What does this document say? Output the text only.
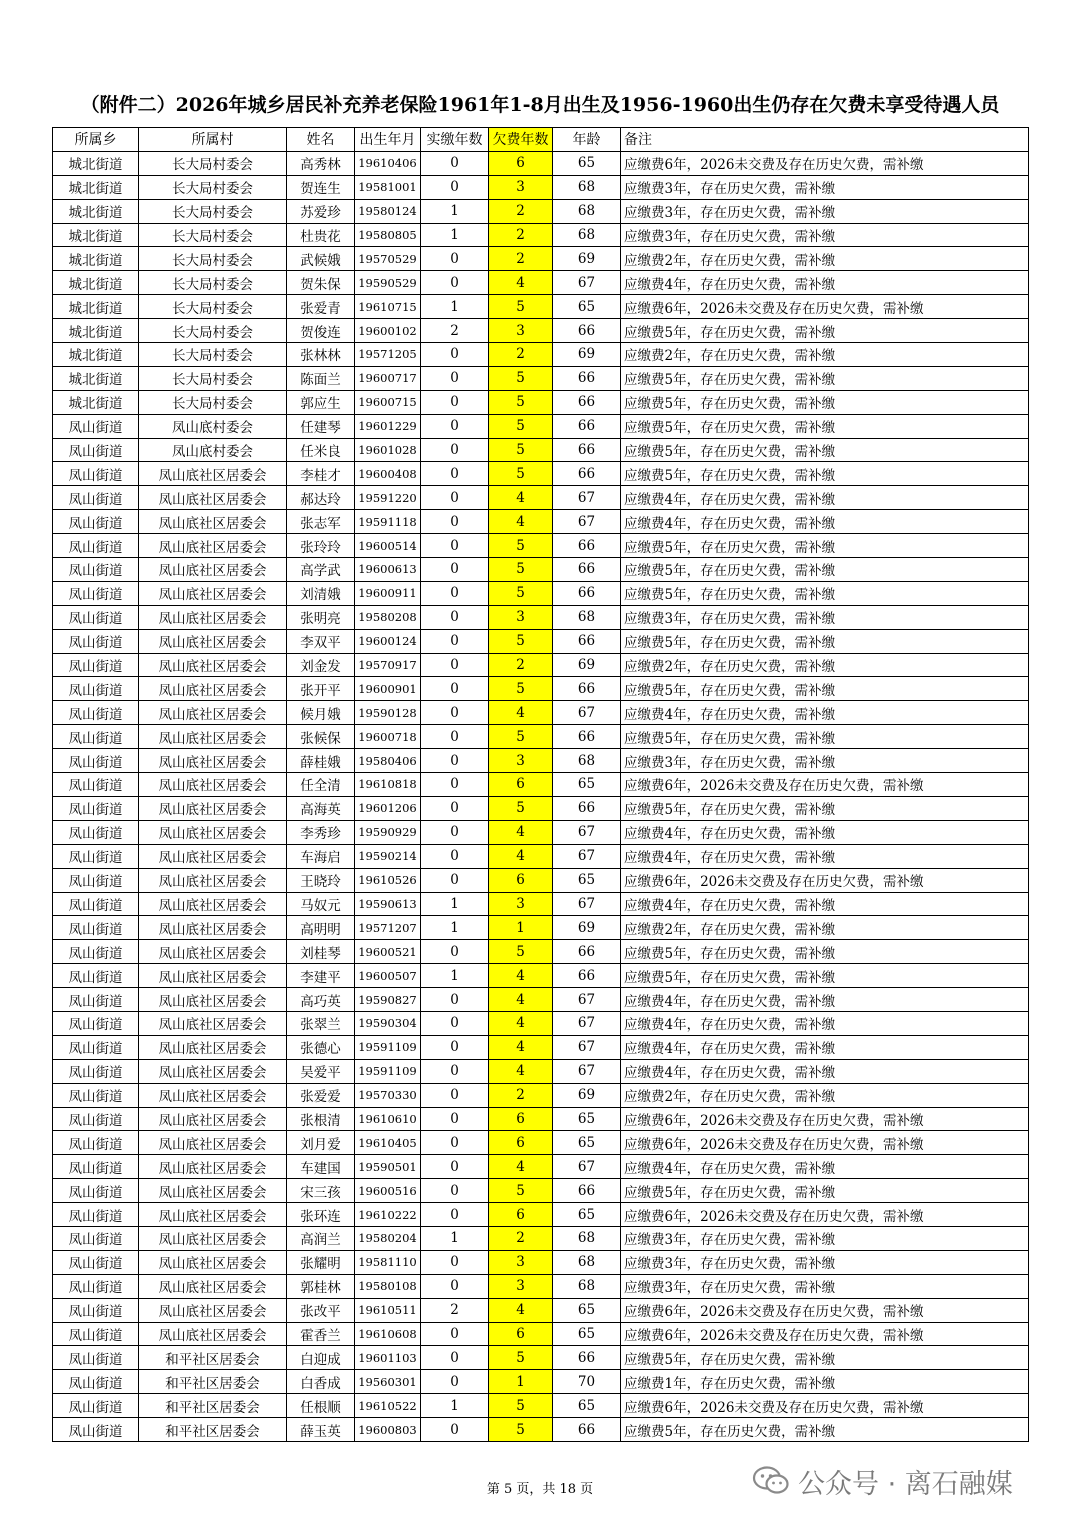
（附件二）2026年城乡居民补充养老保险1961年1-8月出生及1956-1960出生仍存在欠费未享受待遇人员
所属乡	所属村	姓名	出生年月	实缴年数	欠费年数	年龄	备注
城北街道	长大局村委会	高秀林	19610406	0	6	65	应缴费6年，2026未交费及存在历史欠费，需补缴
城北街道	长大局村委会	贺连生	19581001	0	3	68	应缴费3年，存在历史欠费，需补缴
城北街道	长大局村委会	苏爱珍	19580124	1	2	68	应缴费3年，存在历史欠费，需补缴
城北街道	长大局村委会	杜贵花	19580805	1	2	68	应缴费3年，存在历史欠费，需补缴
城北街道	长大局村委会	武候娥	19570529	0	2	69	应缴费2年，存在历史欠费，需补缴
城北街道	长大局村委会	贺朱保	19590529	0	4	67	应缴费4年，存在历史欠费，需补缴
城北街道	长大局村委会	张爱青	19610715	1	5	65	应缴费6年，2026未交费及存在历史欠费，需补缴
城北街道	长大局村委会	贺俊连	19600102	2	3	66	应缴费5年，存在历史欠费，需补缴
城北街道	长大局村委会	张林林	19571205	0	2	69	应缴费2年，存在历史欠费，需补缴
城北街道	长大局村委会	陈面兰	19600717	0	5	66	应缴费5年，存在历史欠费，需补缴
城北街道	长大局村委会	郭应生	19600715	0	5	66	应缴费5年，存在历史欠费，需补缴
凤山街道	凤山底村委会	任建琴	19601229	0	5	66	应缴费5年，存在历史欠费，需补缴
凤山街道	凤山底村委会	任米良	19601028	0	5	66	应缴费5年，存在历史欠费，需补缴
凤山街道	凤山底社区居委会	李桂才	19600408	0	5	66	应缴费5年，存在历史欠费，需补缴
凤山街道	凤山底社区居委会	郝达玲	19591220	0	4	67	应缴费4年，存在历史欠费，需补缴
凤山街道	凤山底社区居委会	张志军	19591118	0	4	67	应缴费4年，存在历史欠费，需补缴
凤山街道	凤山底社区居委会	张玲玲	19600514	0	5	66	应缴费5年，存在历史欠费，需补缴
凤山街道	凤山底社区居委会	高学武	19600613	0	5	66	应缴费5年，存在历史欠费，需补缴
凤山街道	凤山底社区居委会	刘清娥	19600911	0	5	66	应缴费5年，存在历史欠费，需补缴
凤山街道	凤山底社区居委会	张明亮	19580208	0	3	68	应缴费3年，存在历史欠费，需补缴
凤山街道	凤山底社区居委会	李双平	19600124	0	5	66	应缴费5年，存在历史欠费，需补缴
凤山街道	凤山底社区居委会	刘金发	19570917	0	2	69	应缴费2年，存在历史欠费，需补缴
凤山街道	凤山底社区居委会	张开平	19600901	0	5	66	应缴费5年，存在历史欠费，需补缴
凤山街道	凤山底社区居委会	候月娥	19590128	0	4	67	应缴费4年，存在历史欠费，需补缴
凤山街道	凤山底社区居委会	张候保	19600718	0	5	66	应缴费5年，存在历史欠费，需补缴
凤山街道	凤山底社区居委会	薛桂娥	19580406	0	3	68	应缴费3年，存在历史欠费，需补缴
凤山街道	凤山底社区居委会	任全清	19610818	0	6	65	应缴费6年，2026未交费及存在历史欠费，需补缴
凤山街道	凤山底社区居委会	高海英	19601206	0	5	66	应缴费5年，存在历史欠费，需补缴
凤山街道	凤山底社区居委会	李秀珍	19590929	0	4	67	应缴费4年，存在历史欠费，需补缴
凤山街道	凤山底社区居委会	车海启	19590214	0	4	67	应缴费4年，存在历史欠费，需补缴
凤山街道	凤山底社区居委会	王晓玲	19610526	0	6	65	应缴费6年，2026未交费及存在历史欠费，需补缴
凤山街道	凤山底社区居委会	马奴元	19590613	1	3	67	应缴费4年，存在历史欠费，需补缴
凤山街道	凤山底社区居委会	高明明	19571207	1	1	69	应缴费2年，存在历史欠费，需补缴
凤山街道	凤山底社区居委会	刘桂琴	19600521	0	5	66	应缴费5年，存在历史欠费，需补缴
凤山街道	凤山底社区居委会	李建平	19600507	1	4	66	应缴费5年，存在历史欠费，需补缴
凤山街道	凤山底社区居委会	高巧英	19590827	0	4	67	应缴费4年，存在历史欠费，需补缴
凤山街道	凤山底社区居委会	张翠兰	19590304	0	4	67	应缴费4年，存在历史欠费，需补缴
凤山街道	凤山底社区居委会	张德心	19591109	0	4	67	应缴费4年，存在历史欠费，需补缴
凤山街道	凤山底社区居委会	吴爱平	19591109	0	4	67	应缴费4年，存在历史欠费，需补缴
凤山街道	凤山底社区居委会	张爱爱	19570330	0	2	69	应缴费2年，存在历史欠费，需补缴
凤山街道	凤山底社区居委会	张根清	19610610	0	6	65	应缴费6年，2026未交费及存在历史欠费，需补缴
凤山街道	凤山底社区居委会	刘月爱	19610405	0	6	65	应缴费6年，2026未交费及存在历史欠费，需补缴
凤山街道	凤山底社区居委会	车建国	19590501	0	4	67	应缴费4年，存在历史欠费，需补缴
凤山街道	凤山底社区居委会	宋三孩	19600516	0	5	66	应缴费5年，存在历史欠费，需补缴
凤山街道	凤山底社区居委会	张环连	19610222	0	6	65	应缴费6年，2026未交费及存在历史欠费，需补缴
凤山街道	凤山底社区居委会	高润兰	19580204	1	2	68	应缴费3年，存在历史欠费，需补缴
凤山街道	凤山底社区居委会	张耀明	19581110	0	3	68	应缴费3年，存在历史欠费，需补缴
凤山街道	凤山底社区居委会	郭桂林	19580108	0	3	68	应缴费3年，存在历史欠费，需补缴
凤山街道	凤山底社区居委会	张改平	19610511	2	4	65	应缴费6年，2026未交费及存在历史欠费，需补缴
凤山街道	凤山底社区居委会	霍香兰	19610608	0	6	65	应缴费6年，2026未交费及存在历史欠费，需补缴
凤山街道	和平社区居委会	白迎成	19601103	0	5	66	应缴费5年，存在历史欠费，需补缴
凤山街道	和平社区居委会	白香成	19560301	0	1	70	应缴费1年，存在历史欠费，需补缴
凤山街道	和平社区居委会	任根顺	19610522	1	5	65	应缴费6年，2026未交费及存在历史欠费，需补缴
凤山街道	和平社区居委会	薛玉英	19600803	0	5	66	应缴费5年，存在历史欠费，需补缴
第 5 页，共 18 页	公众号 · 离石融媒
